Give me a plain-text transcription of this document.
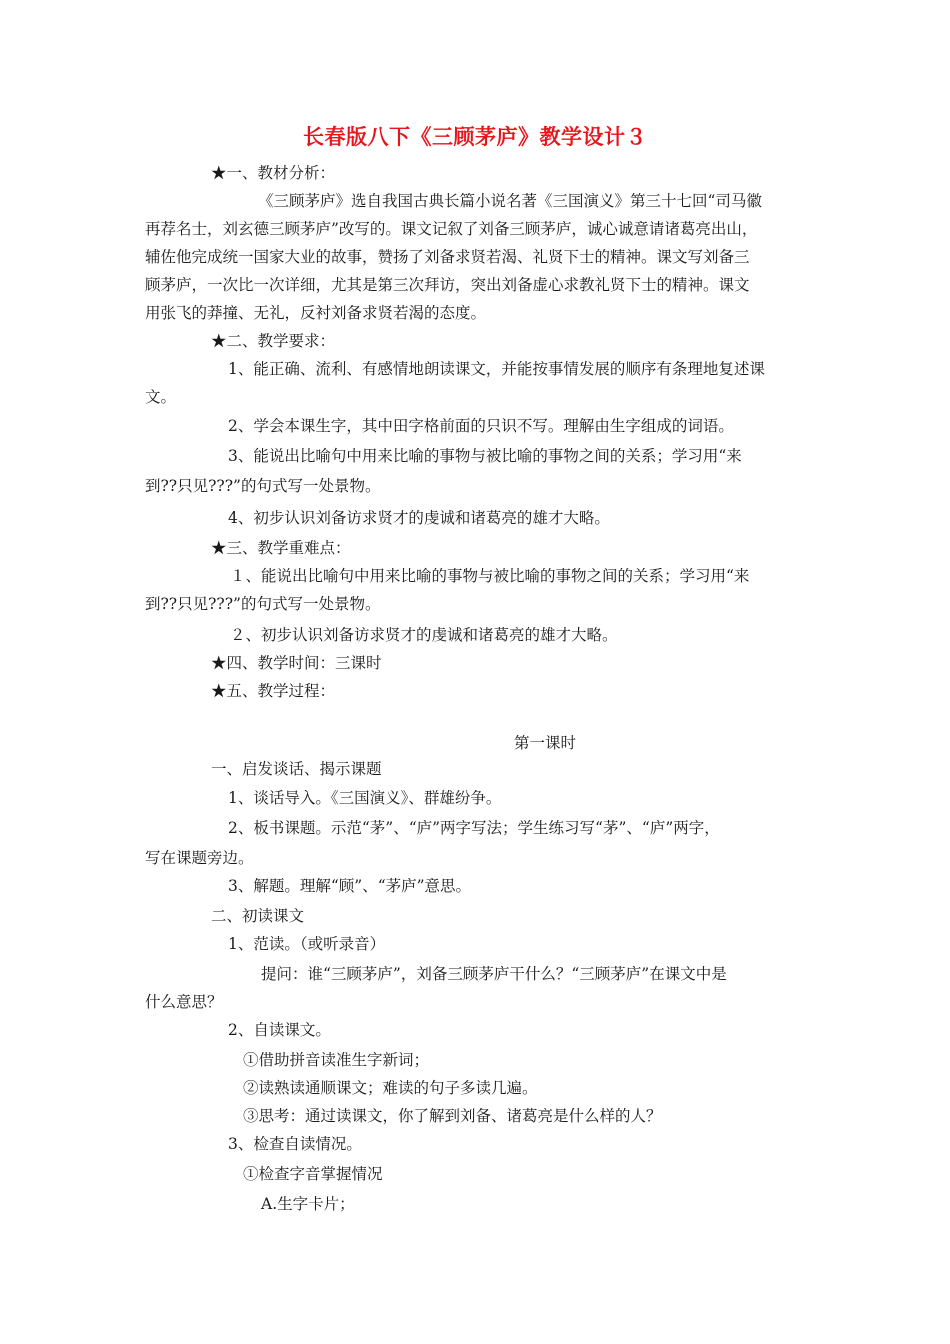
长春版八下《三顾茅庐》教学设计３
★一、教材分析：
《三顾茅庐》选自我国古典长篇小说名著《三国演义》第三十七回“司马徽
再荐名士，刘玄德三顾茅庐”改写的。课文记叙了刘备三顾茅庐，诚心诚意请诸葛亮出山，
辅佐他完成统一国家大业的故事，赞扬了刘备求贤若渴、礼贤下士的精神。课文写刘备三
顾茅庐，一次比一次详细，尤其是第三次拜访，突出刘备虚心求教礼贤下士的精神。课文
用张飞的莽撞、无礼，反衬刘备求贤若渴的态度。
★二、教学要求：
1、能正确、流利、有感情地朗读课文，并能按事情发展的顺序有条理地复述课
文。
2、学会本课生字，其中田字格前面的只识不写。理解由生字组成的词语。
3、能说出比喻句中用来比喻的事物与被比喻的事物之间的关系；学习用“来
到??只见???”的句式写一处景物。
4、初步认识刘备访求贤才的虔诚和诸葛亮的雄才大略。
★三、教学重难点：
１、能说出比喻句中用来比喻的事物与被比喻的事物之间的关系；学习用“来
到??只见???”的句式写一处景物。
２、初步认识刘备访求贤才的虔诚和诸葛亮的雄才大略。
★四、教学时间：三课时
★五、教学过程：
第一课时
一、启发谈话、揭示课题
1、谈话导入。《三国演义》、群雄纷争。
2、板书课题。示范“茅”、“庐”两字写法；学生练习写“茅”、“庐”两字，
写在课题旁边。
3、解题。理解“顾”、“茅庐”意思。
二、初读课文
1、范读。（或听录音）
提问：谁“三顾茅庐”，刘备三顾茅庐干什么？“三顾茅庐”在课文中是
什么意思？
2、自读课文。
①借助拼音读准生字新词；
②读熟读通顺课文；难读的句子多读几遍。
③思考：通过读课文，你了解到刘备、诸葛亮是什么样的人？
3、检查自读情况。
①检查字音掌握情况
A.生字卡片；
